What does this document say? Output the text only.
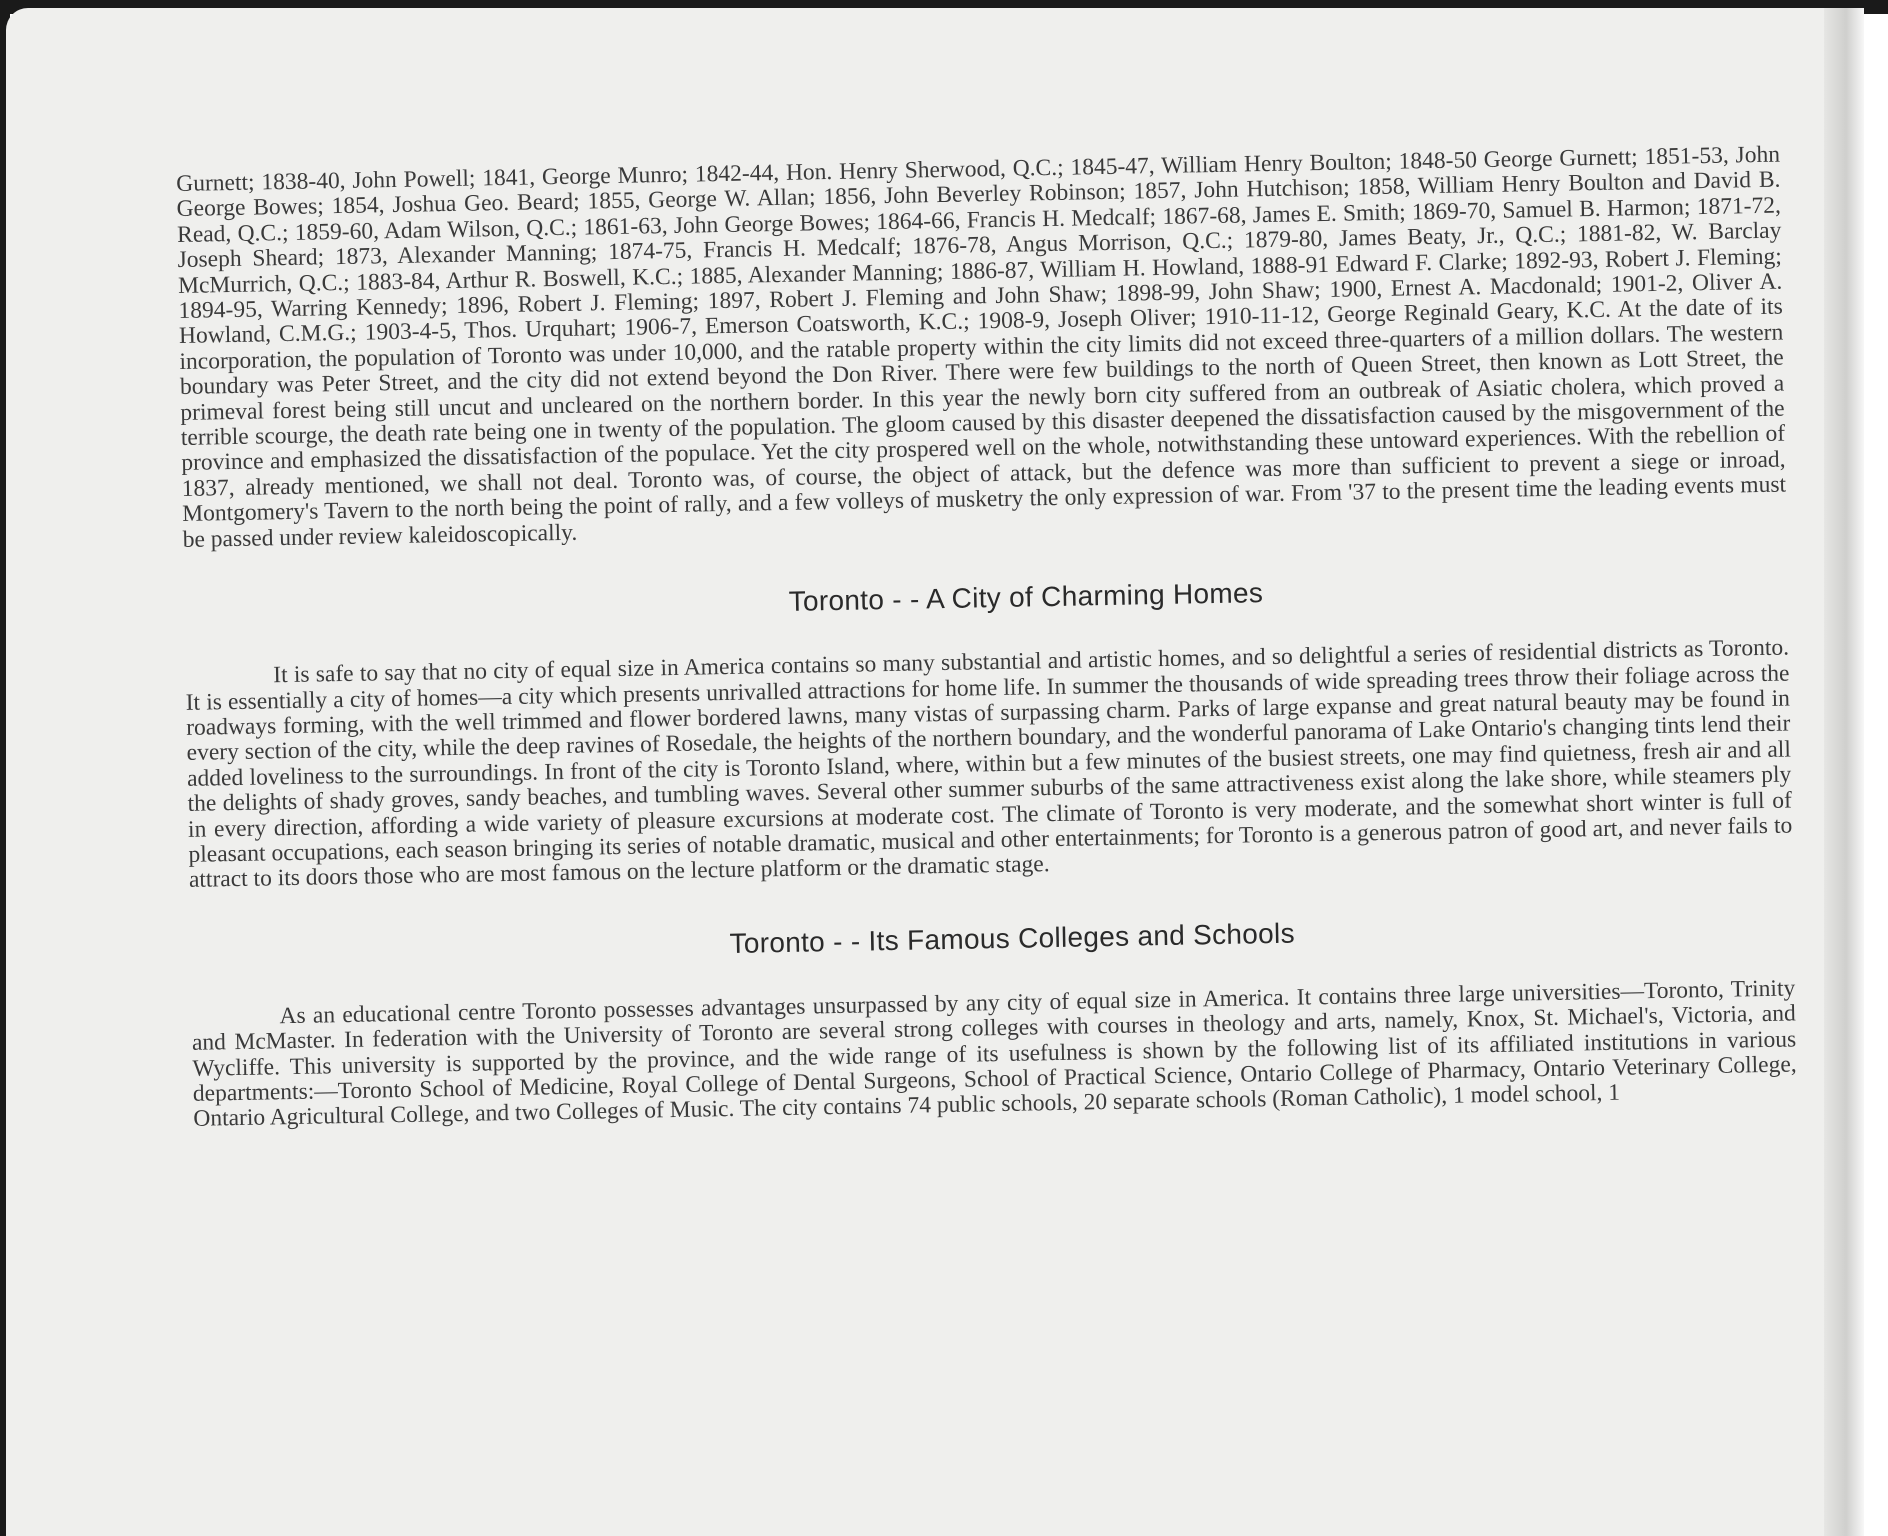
Gurnett; 1838-40, John Powell; 1841, George Munro; 1842-44, Hon. Henry Sherwood, Q.C.; 1845-47, William Henry Boulton; 1848-50 George Gurnett; 1851-53, John George Bowes; 1854, Joshua Geo. Beard; 1855, George W. Allan; 1856, John Beverley Robinson; 1857, John Hutchison; 1858, William Henry Boulton and David B. Read, Q.C.; 1859-60, Adam Wilson, Q.C.; 1861-63, John George Bowes; 1864-66, Francis H. Medcalf; 1867-68, James E. Smith; 1869-70, Samuel B. Harmon; 1871-72, Joseph Sheard; 1873, Alexander Manning; 1874-75, Francis H. Medcalf; 1876-78, Angus Morrison, Q.C.; 1879-80, James Beaty, Jr., Q.C.; 1881-82, W. Barclay McMurrich, Q.C.; 1883-84, Arthur R. Boswell, K.C.; 1885, Alexander Manning; 1886-87, William H. Howland, 1888-91 Edward F. Clarke; 1892-93, Robert J. Fleming; 1894-95, Warring Kennedy; 1896, Robert J. Fleming; 1897, Robert J. Fleming and John Shaw; 1898-99, John Shaw; 1900, Ernest A. Macdonald; 1901-2, Oliver A. Howland, C.M.G.; 1903-4-5, Thos. Urquhart; 1906-7, Emerson Coatsworth, K.C.; 1908-9, Joseph Oliver; 1910-11-12, George Reginald Geary, K.C. At the date of its incorporation, the population of Toronto was under 10,000, and the ratable property within the city limits did not exceed three-quarters of a million dollars. The western boundary was Peter Street, and the city did not extend beyond the Don River. There were few buildings to the north of Queen Street, then known as Lott Street, the primeval forest being still uncut and uncleared on the northern border. In this year the newly born city suffered from an outbreak of Asiatic cholera, which proved a terrible scourge, the death rate being one in twenty of the population. The gloom caused by this disaster deepened the dissatisfaction caused by the misgovernment of the province and emphasized the dissatisfaction of the populace. Yet the city prospered well on the whole, notwithstanding these untoward experiences. With the rebellion of 1837, already mentioned, we shall not deal. Toronto was, of course, the object of attack, but the defence was more than sufficient to prevent a siege or inroad, Montgomery's Tavern to the north being the point of rally, and a few volleys of musketry the only expression of war. From '37 to the present time the leading events must be passed under review kaleidoscopically.

Toronto - - A City of Charming Homes

It is safe to say that no city of equal size in America contains so many substantial and artistic homes, and so delightful a series of residential districts as Toronto. It is essentially a city of homes—a city which presents unrivalled attractions for home life. In summer the thousands of wide spreading trees throw their foliage across the roadways forming, with the well trimmed and flower bordered lawns, many vistas of surpassing charm. Parks of large expanse and great natural beauty may be found in every section of the city, while the deep ravines of Rosedale, the heights of the northern boundary, and the wonderful panorama of Lake Ontario's changing tints lend their added loveliness to the surroundings. In front of the city is Toronto Island, where, within but a few minutes of the busiest streets, one may find quietness, fresh air and all the delights of shady groves, sandy beaches, and tumbling waves. Several other summer suburbs of the same attractiveness exist along the lake shore, while steamers ply in every direction, affording a wide variety of pleasure excursions at moderate cost. The climate of Toronto is very moderate, and the somewhat short winter is full of pleasant occupations, each season bringing its series of notable dramatic, musical and other entertainments; for Toronto is a generous patron of good art, and never fails to attract to its doors those who are most famous on the lecture platform or the dramatic stage.

Toronto - - Its Famous Colleges and Schools

As an educational centre Toronto possesses advantages unsurpassed by any city of equal size in America. It contains three large universities—Toronto, Trinity and McMaster. In federation with the University of Toronto are several strong colleges with courses in theology and arts, namely, Knox, St. Michael's, Victoria, and Wycliffe. This university is supported by the province, and the wide range of its usefulness is shown by the following list of its affiliated institutions in various departments:—Toronto School of Medicine, Royal College of Dental Surgeons, School of Practical Science, Ontario College of Pharmacy, Ontario Veterinary College, Ontario Agricultural College, and two Colleges of Music. The city contains 74 public schools, 20 separate schools (Roman Catholic), 1 model school, 1
